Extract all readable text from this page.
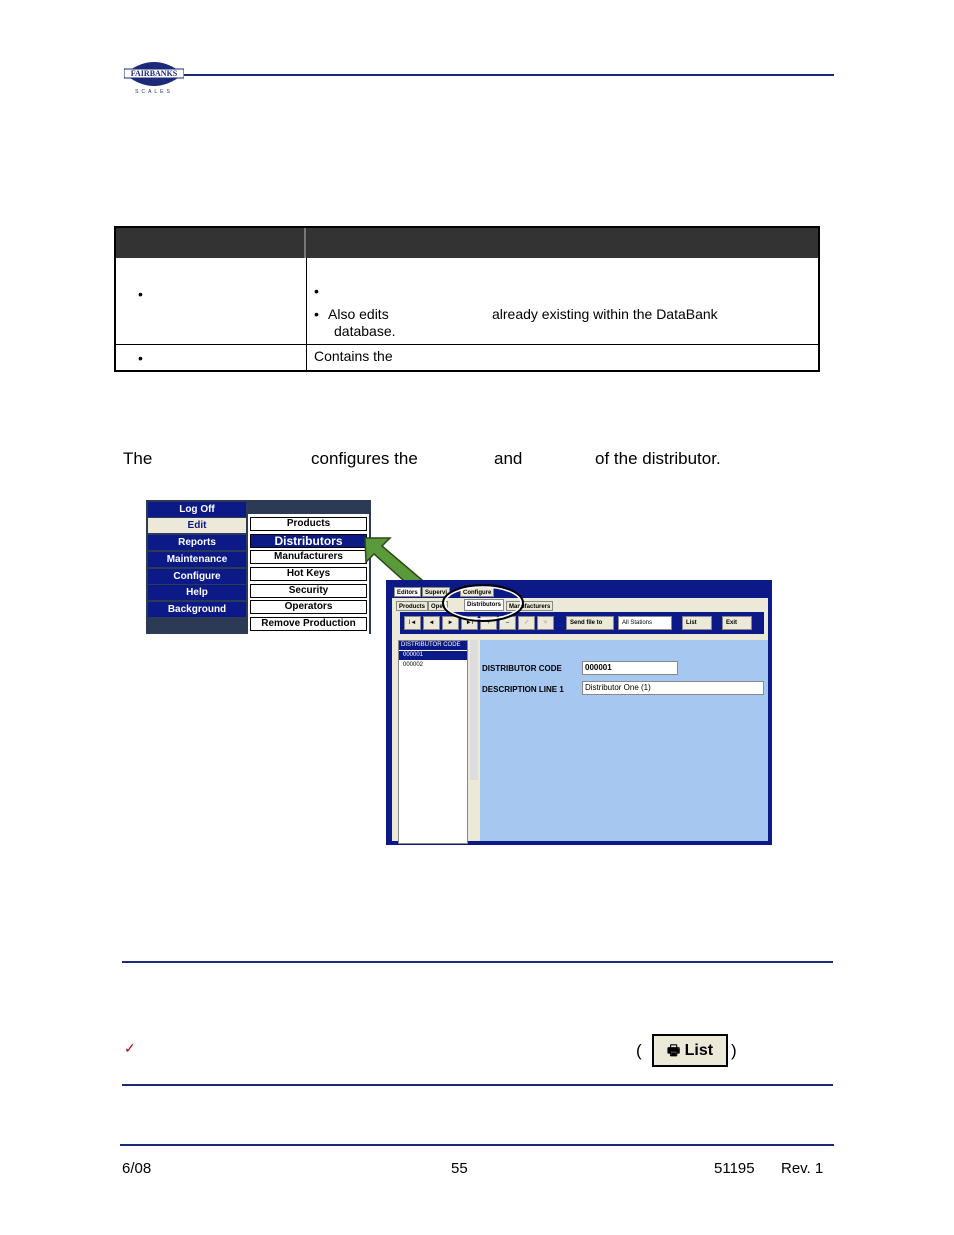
FAIRBANKS
SCALES
•	•
• Also edits	already existing within the DataBank
database.
•	Contains the
The	configures the	and	of the distributor.
Log Off
Edit
Reports
Maintenance
Configure
Help
Background
Products
Distributors
Manufacturers
Hot Keys
Security
Operators
Remove Production
Editors	Supervi	Configure
Products Oper	Distributors	Manufacturers
I◄	◄	►	►I	+	–	✓	×	Send file to	All Stations	List	Exit
DISTRIBUTOR CODE
000001
000002	DISTRIBUTOR CODE	000001
DESCRIPTION LINE 1	Distributor One (1)
✓	(	🖶 List	)
6/08	55	51195 Rev. 1
